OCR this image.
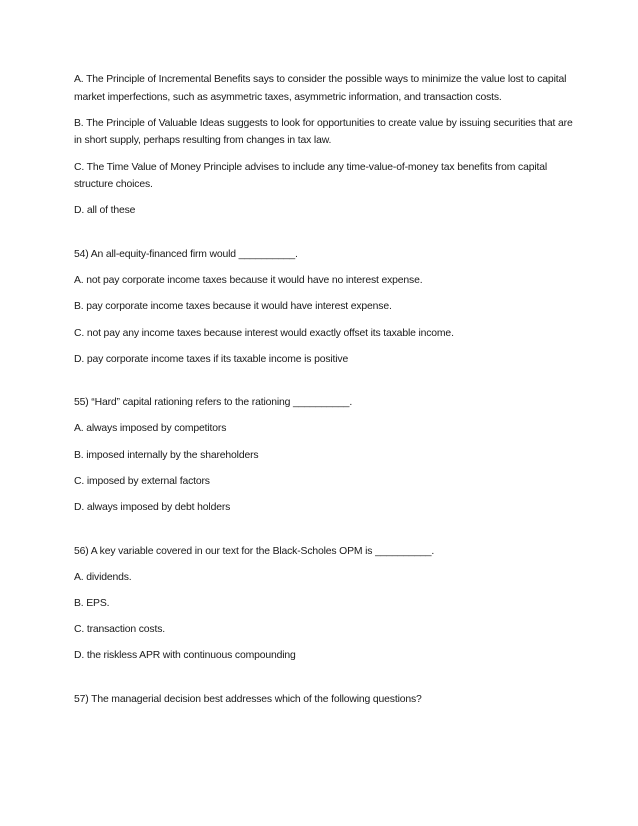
A. The Principle of Incremental Benefits says to consider the possible ways to minimize the value lost to capital market imperfections, such as asymmetric taxes, asymmetric information, and transaction costs.

B. The Principle of Valuable Ideas suggests to look for opportunities to create value by issuing securities that are in short supply, perhaps resulting from changes in tax law.

C. The Time Value of Money Principle advises to include any time-value-of-money tax benefits from capital structure choices.

D. all of these

54) An all-equity-financed firm would __________.

A. not pay corporate income taxes because it would have no interest expense.

B. pay corporate income taxes because it would have interest expense.

C. not pay any income taxes because interest would exactly offset its taxable income.

D. pay corporate income taxes if its taxable income is positive

55) “Hard” capital rationing refers to the rationing __________.

A. always imposed by competitors

B. imposed internally by the shareholders

C. imposed by external factors

D. always imposed by debt holders

56) A key variable covered in our text for the Black-Scholes OPM is __________.

A. dividends.

B. EPS.

C. transaction costs.

D. the riskless APR with continuous compounding

57) The managerial decision best addresses which of the following questions?
